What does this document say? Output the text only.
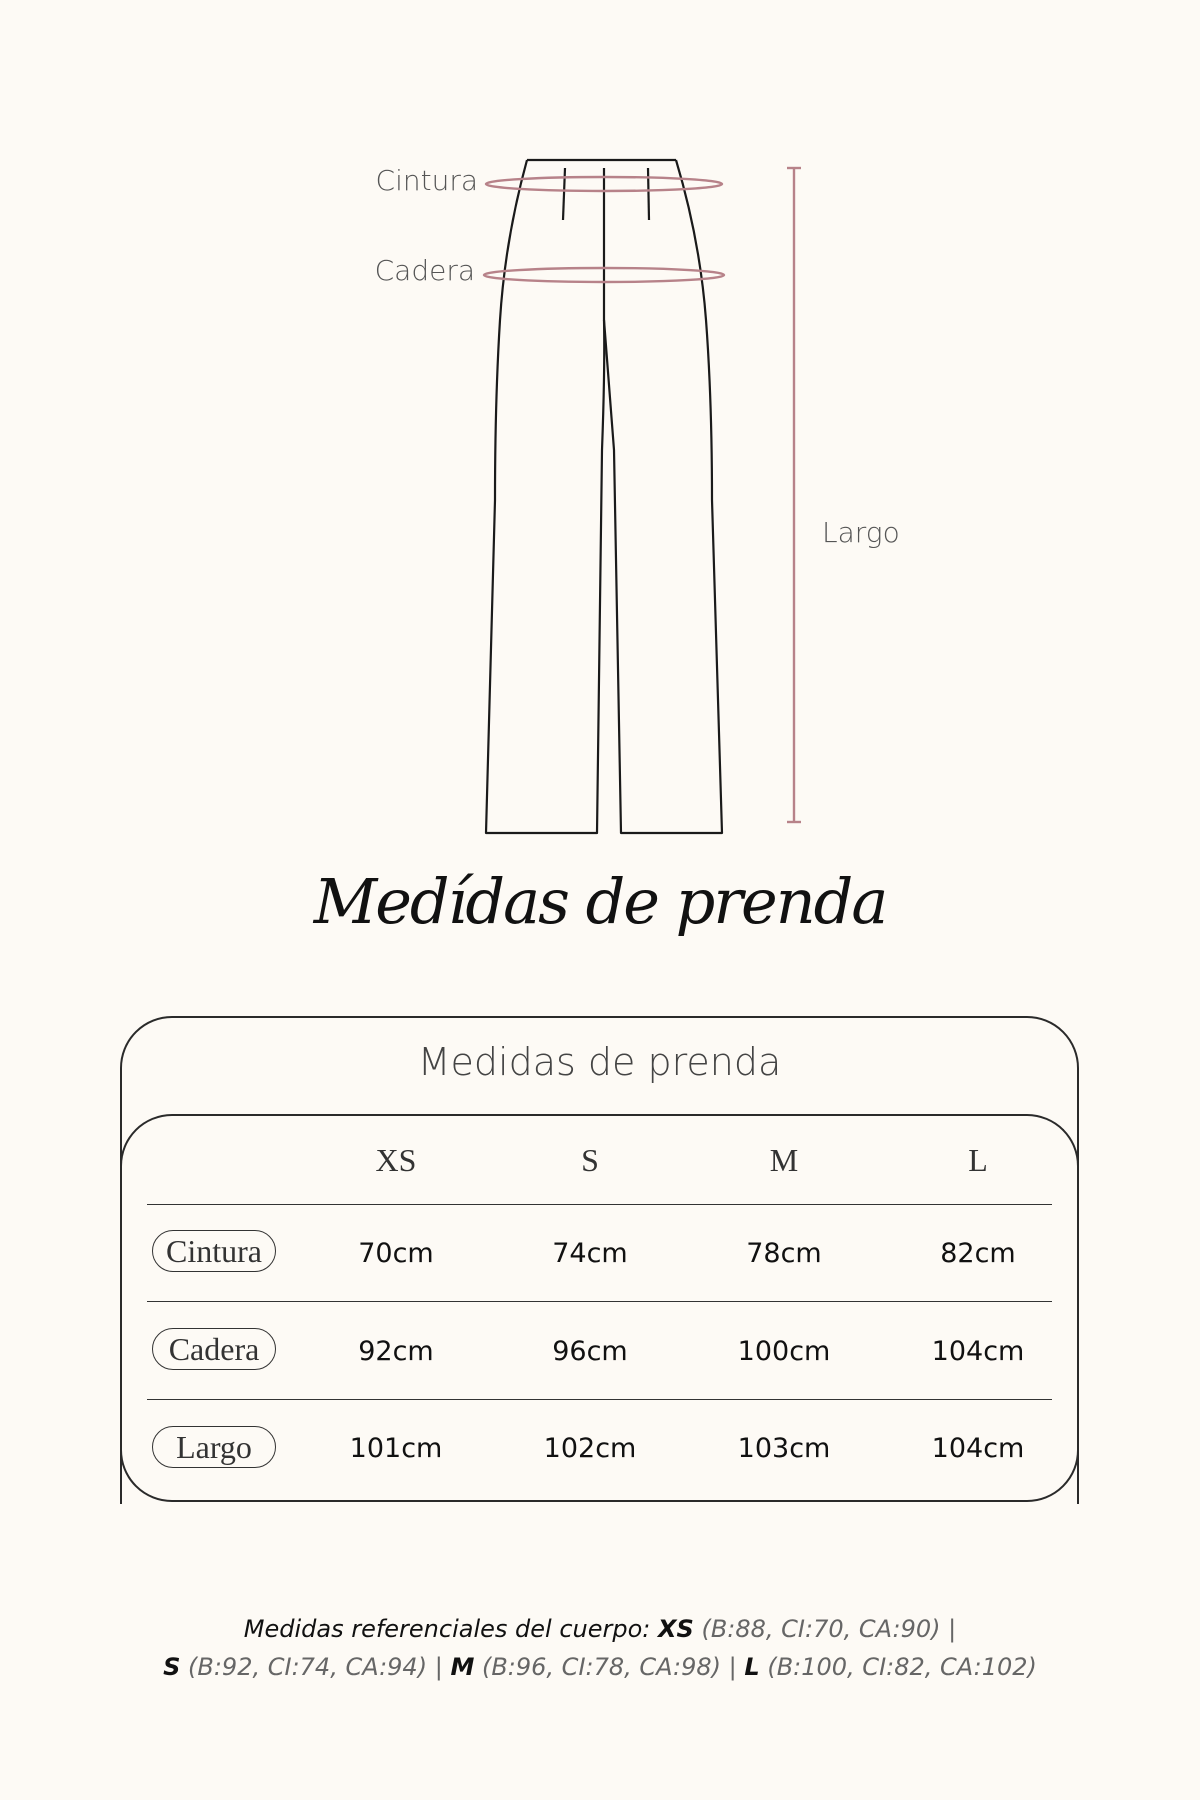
Cintura
Cadera
Largo
Medídas de prenda
Medidas de prenda
XS	S	M	L
Cintura	70cm	74cm	78cm	82cm
Cadera	92cm	96cm	100cm	104cm
Largo	101cm	102cm	103cm	104cm
Medidas referenciales del cuerpo: XS (B:88, CI:70, CA:90) |
S (B:92, CI:74, CA:94) | M (B:96, CI:78, CA:98) | L (B:100, CI:82, CA:102)
